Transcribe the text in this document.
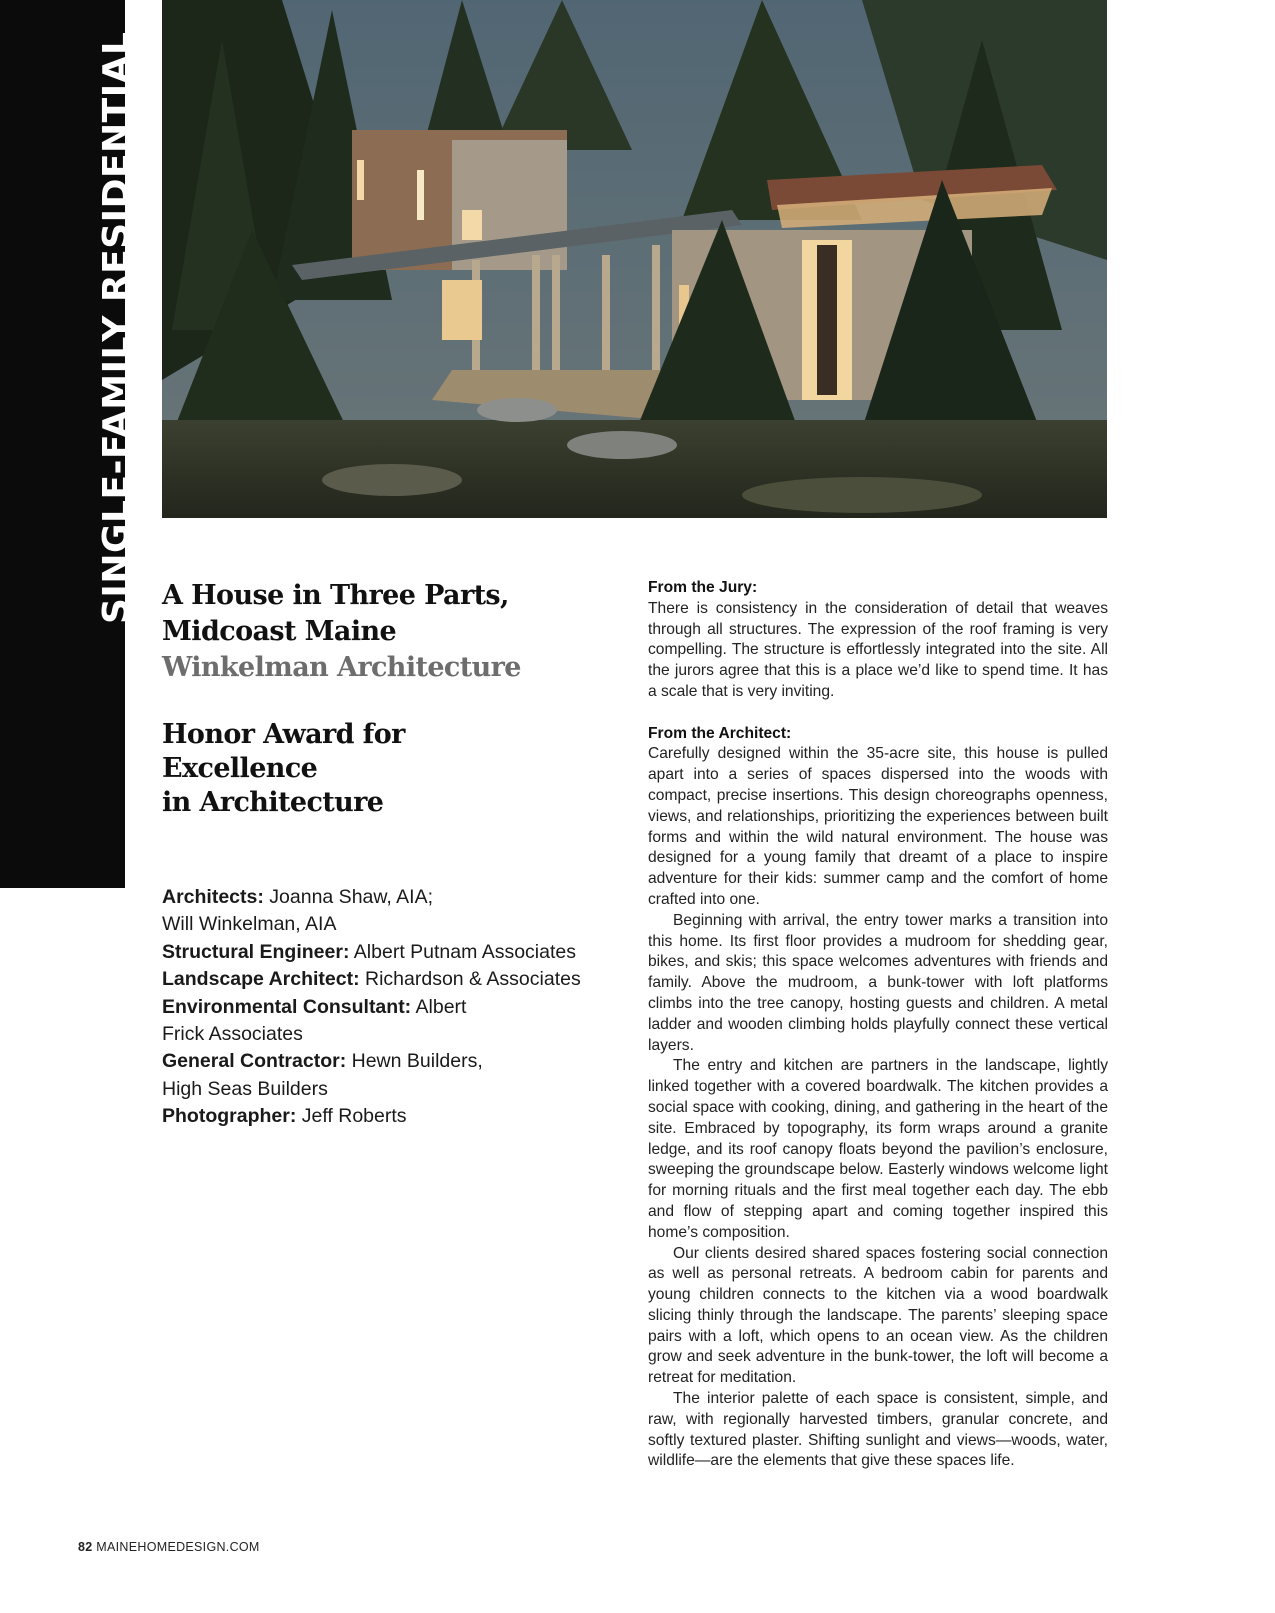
SINGLE-FAMILY RESIDENTIAL A House in Three Parts,
Midcoast Maine

Winkelman Architecture

Honor Award for Excellence
in Architecture

Architects: Joanna Shaw, AIA;

Will Winkelman, AIA

Structural Engineer: Albert Putnam Associates

Landscape Architect: Richardson & Associates

Environmental Consultant: Albert

Frick Associates

General Contractor: Hewn Builders,

High Seas Builders

Photographer: Jeff Roberts

From the Jury:

There is consistency in the consideration of detail that weaves through all structures. The expression of the roof framing is very compelling. The structure is effortlessly integrated into the site. All the jurors agree that this is a place we’d like to spend time. It has a scale that is very inviting.

From the Architect:

Carefully designed within the 35-acre site, this house is pulled apart into a series of spaces dispersed into the woods with compact, precise insertions. This design choreographs openness, views, and relationships, prioritizing the experiences between built forms and within the wild natural environment. The house was designed for a young family that dreamt of a place to inspire adventure for their kids: summer camp and the comfort of home crafted into one.

Beginning with arrival, the entry tower marks a transition into this home. Its first floor provides a mudroom for shedding gear, bikes, and skis; this space welcomes adventures with friends and family. Above the mudroom, a bunk-tower with loft platforms climbs into the tree canopy, hosting guests and children. A metal ladder and wooden climbing holds playfully connect these vertical layers.

The entry and kitchen are partners in the landscape, lightly linked together with a covered boardwalk. The kitchen provides a social space with cooking, dining, and gathering in the heart of the site. Embraced by topography, its form wraps around a granite ledge, and its roof canopy floats beyond the pavilion’s enclosure, sweeping the groundscape below. Easterly windows welcome light for morning rituals and the first meal together each day. The ebb and flow of stepping apart and coming together inspired this home’s composition.

Our clients desired shared spaces fostering social connection as well as personal retreats. A bedroom cabin for parents and young children connects to the kitchen via a wood boardwalk slicing thinly through the landscape. The parents’ sleeping space pairs with a loft, which opens to an ocean view. As the children grow and seek adventure in the bunk-tower, the loft will become a retreat for meditation.

The interior palette of each space is consistent, simple, and raw, with regionally harvested timbers, granular concrete, and softly textured plaster. Shifting sunlight and views—woods, water, wildlife—are the elements that give these spaces life.

82 MAINEHOMEDESIGN.COM
